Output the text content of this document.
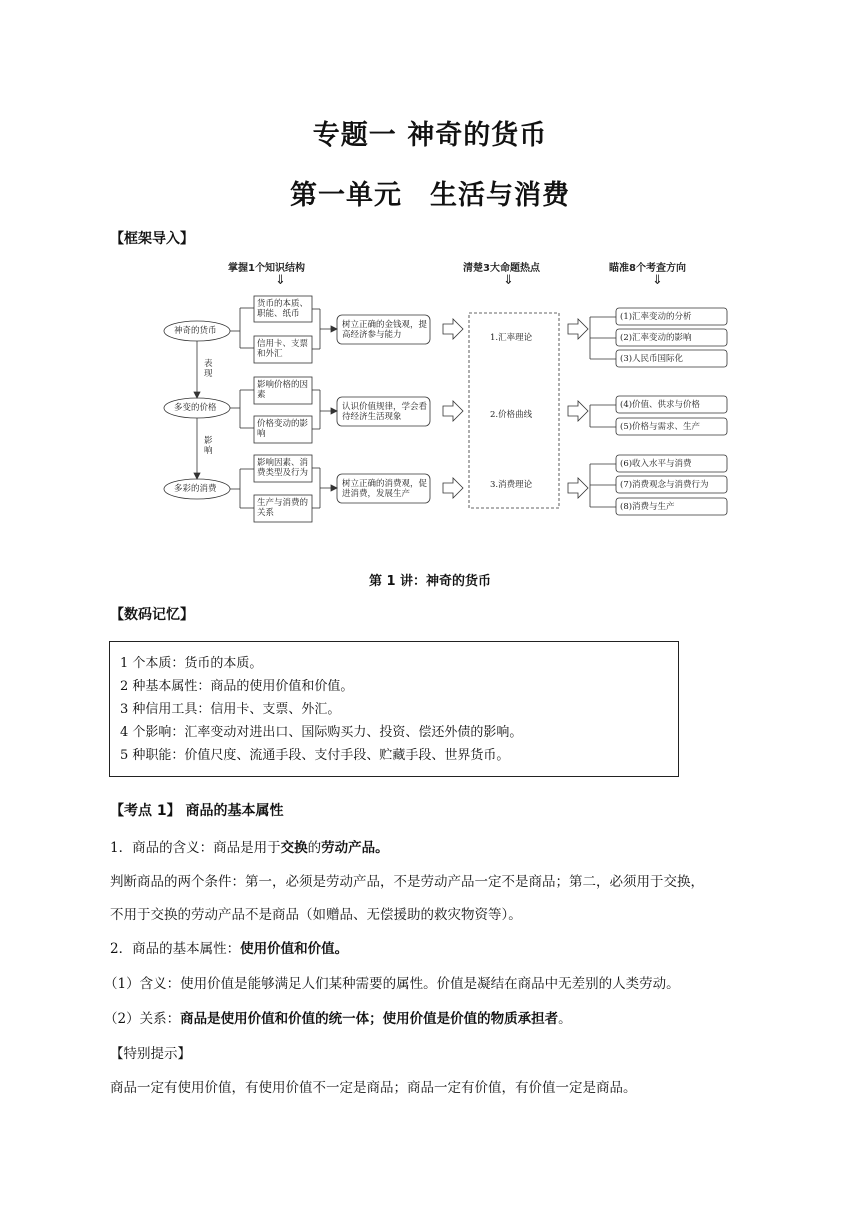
专题一 神奇的货币
第一单元　生活与消费
【框架导入】
掌握1个知识结构
⇓
清楚3大命题热点
⇓
瞄准8个考查方向
⇓
神奇的货币
多变的价格
多彩的消费
表现
影响
货币的本质、职能、纸币
信用卡、支票和外汇
影响价格的因素
价格变动的影响
影响因素、消费类型及行为
生产与消费的关系
树立正确的金钱观，提高经济参与能力
认识价值规律，学会看待经济生活现象
树立正确的消费观，促进消费，发展生产
1.汇率理论
2.价格曲线
3.消费理论
(1)汇率变动的分析
(2)汇率变动的影响
(3)人民币国际化
(4)价值、供求与价格
(5)价格与需求、生产
(6)收入水平与消费
(7)消费观念与消费行为
(8)消费与生产
第 1 讲：神奇的货币
【数码记忆】
1 个本质：货币的本质。
2 种基本属性：商品的使用价值和价值。
3 种信用工具：信用卡、支票、外汇。
4 个影响：汇率变动对进出口、国际购买力、投资、偿还外债的影响。
5 种职能：价值尺度、流通手段、支付手段、贮藏手段、世界货币。
【考点 1】 商品的基本属性
1．商品的含义：商品是用于交换的劳动产品。
判断商品的两个条件：第一，必须是劳动产品，不是劳动产品一定不是商品；第二，必须用于交换，
不用于交换的劳动产品不是商品（如赠品、无偿援助的救灾物资等）。
2．商品的基本属性：使用价值和价值。
（1）含义：使用价值是能够满足人们某种需要的属性。价值是凝结在商品中无差别的人类劳动。
（2）关系：商品是使用价值和价值的统一体；使用价值是价值的物质承担者。
【特别提示】
商品一定有使用价值，有使用价值不一定是商品；商品一定有价值，有价值一定是商品。
